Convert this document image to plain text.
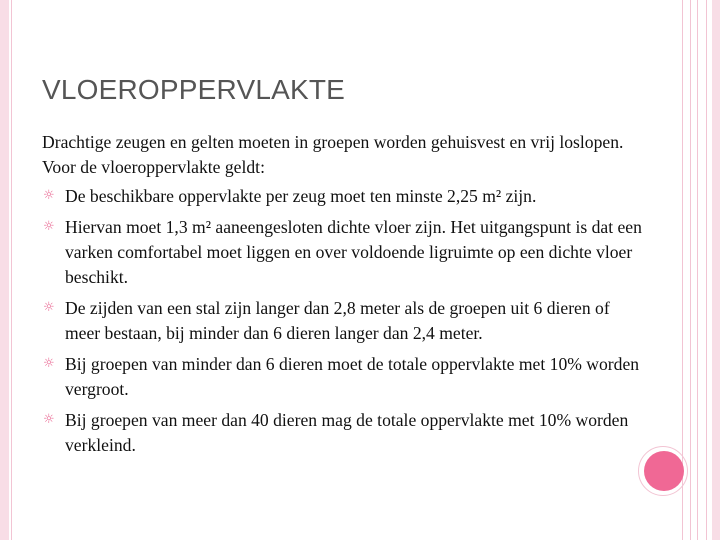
VLOEROPPERVLAKTE

Drachtige zeugen en gelten moeten in groepen worden gehuisvest en vrij loslopen. Voor de vloeroppervlakte geldt:

☼ De beschikbare oppervlakte per zeug moet ten minste 2,25 m² zijn.
☼ Hiervan moet 1,3 m² aaneengesloten dichte vloer zijn. Het uitgangspunt is dat een varken comfortabel moet liggen en over voldoende ligruimte op een dichte vloer beschikt.
☼ De zijden van een stal zijn langer dan 2,8 meter als de groepen uit 6 dieren of meer bestaan, bij minder dan 6 dieren langer dan 2,4 meter.
☼ Bij groepen van minder dan 6 dieren moet de totale oppervlakte met 10% worden vergroot.
☼ Bij groepen van meer dan 40 dieren mag de totale oppervlakte met 10% worden verkleind.
